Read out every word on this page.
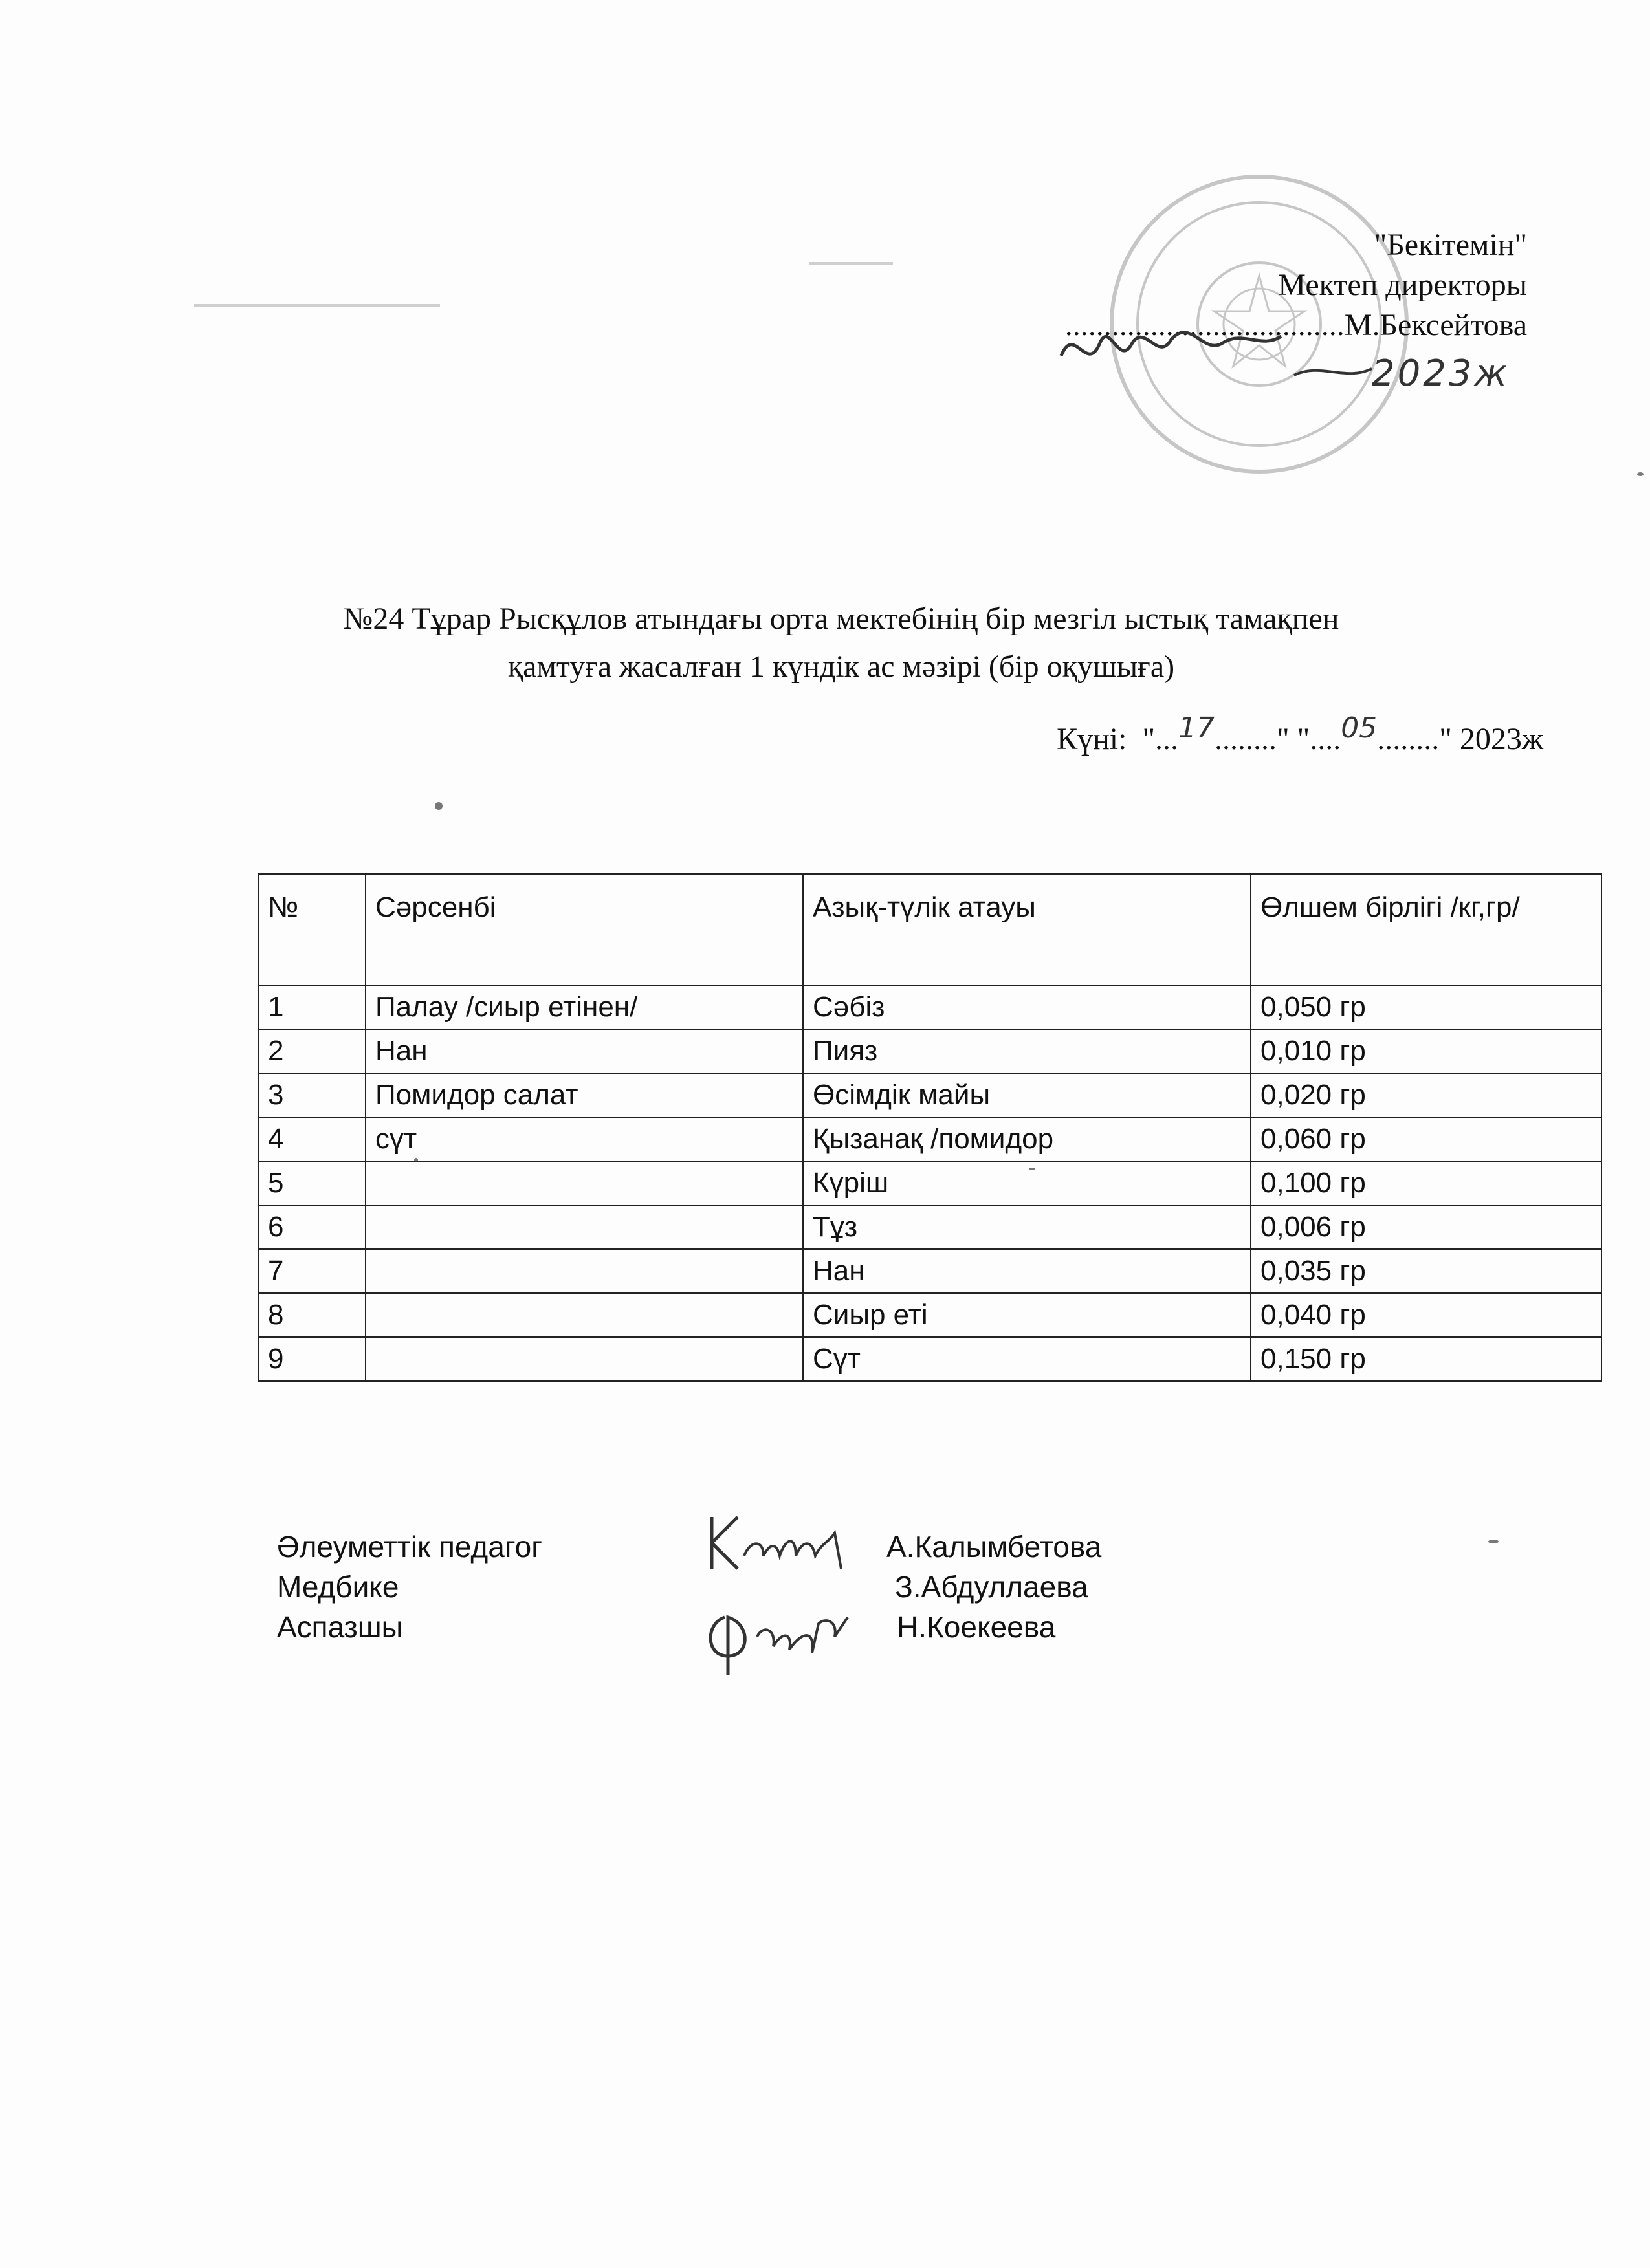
"Бекітемін"
Мектеп директоры
....................................М.Бексейтова
2023ж
№24 Тұрар Рысқұлов атындағы орта мектебінің бір мезгіл ыстық тамақпен
қамтуға жасалған 1 күндік ас мәзірі (бір оқушыға)
Күні:  "...17........" "....05........" 2023ж
№	Сәрсенбі	Азық-түлік атауы	Өлшем бірлігі /кг,гр/
1	Палау /сиыр етінен/	Сәбіз	0,050 гр
2	Нан	Пияз	0,010 гр
3	Помидор салат	Өсімдік майы	0,020 гр
4	сүт	Қызанақ /помидор	0,060 гр
5		Күріш	0,100 гр
6		Тұз	0,006 гр
7		Нан	0,035 гр
8		Сиыр еті	0,040 гр
9		Сүт	0,150 гр
Әлеуметтік педагог	А.Калымбетова
Медбике	З.Абдуллаева
Аспазшы	Н.Коекеева
